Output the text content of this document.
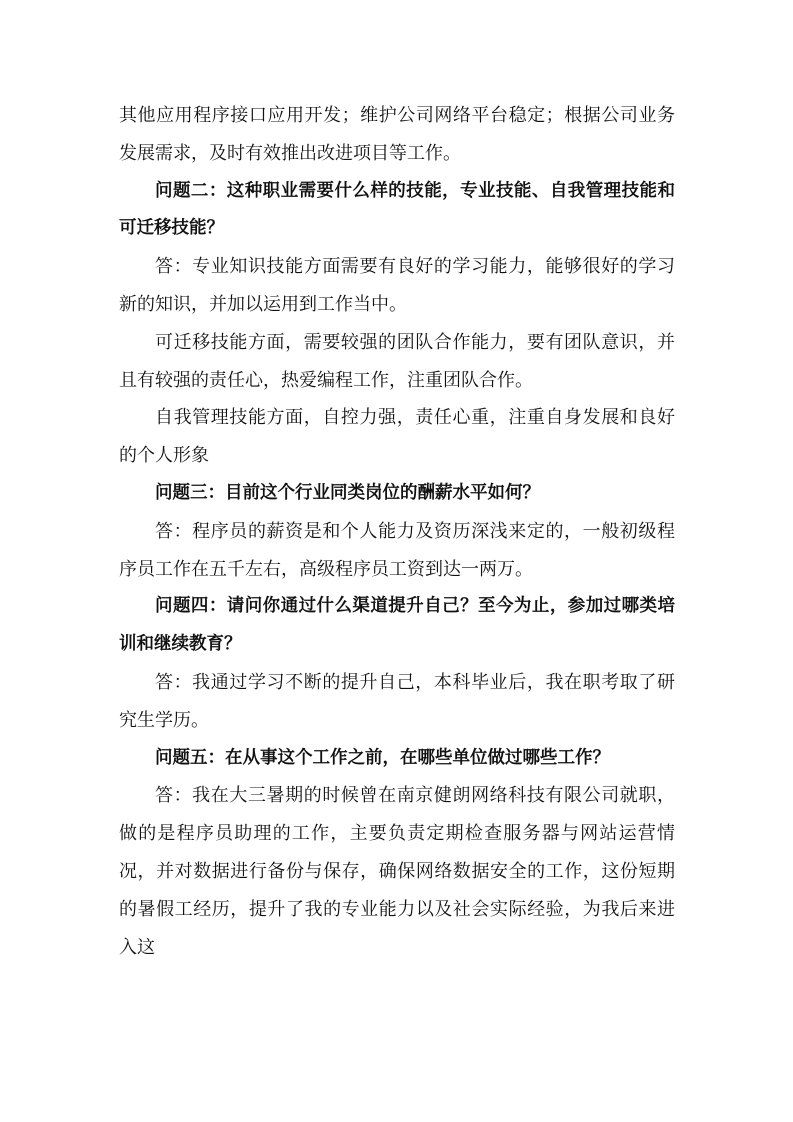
其他应用程序接口应用开发；维护公司网络平台稳定；根据公司业务发展需求，及时有效推出改进项目等工作。

问题二：这种职业需要什么样的技能，专业技能、自我管理技能和可迁移技能？

答：专业知识技能方面需要有良好的学习能力，能够很好的学习新的知识，并加以运用到工作当中。

可迁移技能方面，需要较强的团队合作能力，要有团队意识，并且有较强的责任心，热爱编程工作，注重团队合作。

自我管理技能方面，自控力强，责任心重，注重自身发展和良好的个人形象

问题三：目前这个行业同类岗位的酬薪水平如何？

答：程序员的薪资是和个人能力及资历深浅来定的，一般初级程序员工作在五千左右，高级程序员工资到达一两万。

问题四：请问你通过什么渠道提升自己？至今为止，参加过哪类培训和继续教育？

答：我通过学习不断的提升自己，本科毕业后，我在职考取了研究生学历。

问题五：在从事这个工作之前，在哪些单位做过哪些工作？

答：我在大三暑期的时候曾在南京健朗网络科技有限公司就职，做的是程序员助理的工作，主要负责定期检查服务器与网站运营情况，并对数据进行备份与保存，确保网络数据安全的工作，这份短期的暑假工经历，提升了我的专业能力以及社会实际经验，为我后来进入这
